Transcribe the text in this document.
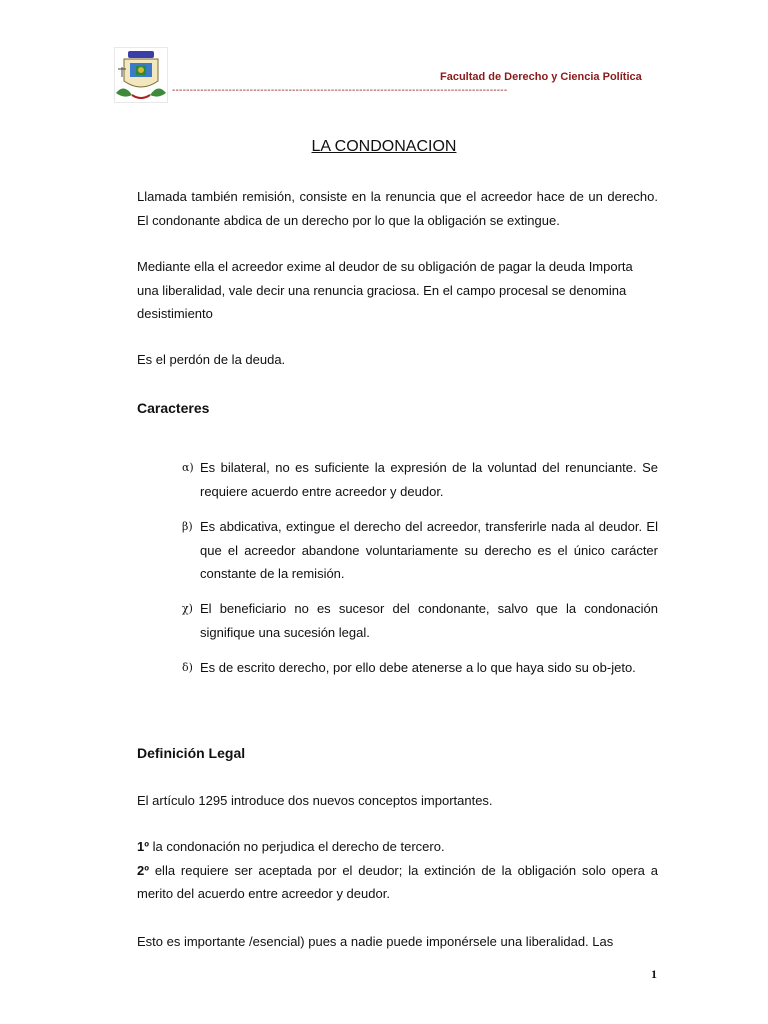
Facultad de Derecho y Ciencia Política
-----------------------------------------------------------------------------------------------
LA CONDONACION
Llamada también remisión, consiste en la renuncia que el acreedor hace de un derecho. El condonante abdica de un derecho por lo que la obligación se extingue.
Mediante ella el acreedor exime al deudor de su obligación de pagar la deuda Importa una liberalidad, vale decir una renuncia graciosa. En el campo procesal se denomina desistimiento
Es el perdón de la deuda.
Caracteres
α) Es bilateral, no es suficiente la expresión de la voluntad del renunciante. Se requiere acuerdo entre acreedor y deudor.
β) Es abdicativa, extingue el derecho del acreedor, transferirle nada al deudor. El que el acreedor abandone voluntariamente su derecho es el único carácter constante de la remisión.
χ) El beneficiario no es sucesor del condonante, salvo que la condonación signifique una sucesión legal.
δ) Es de escrito derecho, por ello debe atenerse a lo que haya sido su ob-jeto.
Definición Legal
El artículo 1295 introduce dos nuevos conceptos importantes.
1º la condonación no perjudica el derecho de tercero.
2º ella requiere ser aceptada por el deudor; la extinción de la obligación solo opera a merito del acuerdo entre acreedor y deudor.
Esto es importante /esencial) pues a nadie puede imponérsele una liberalidad. Las
1
